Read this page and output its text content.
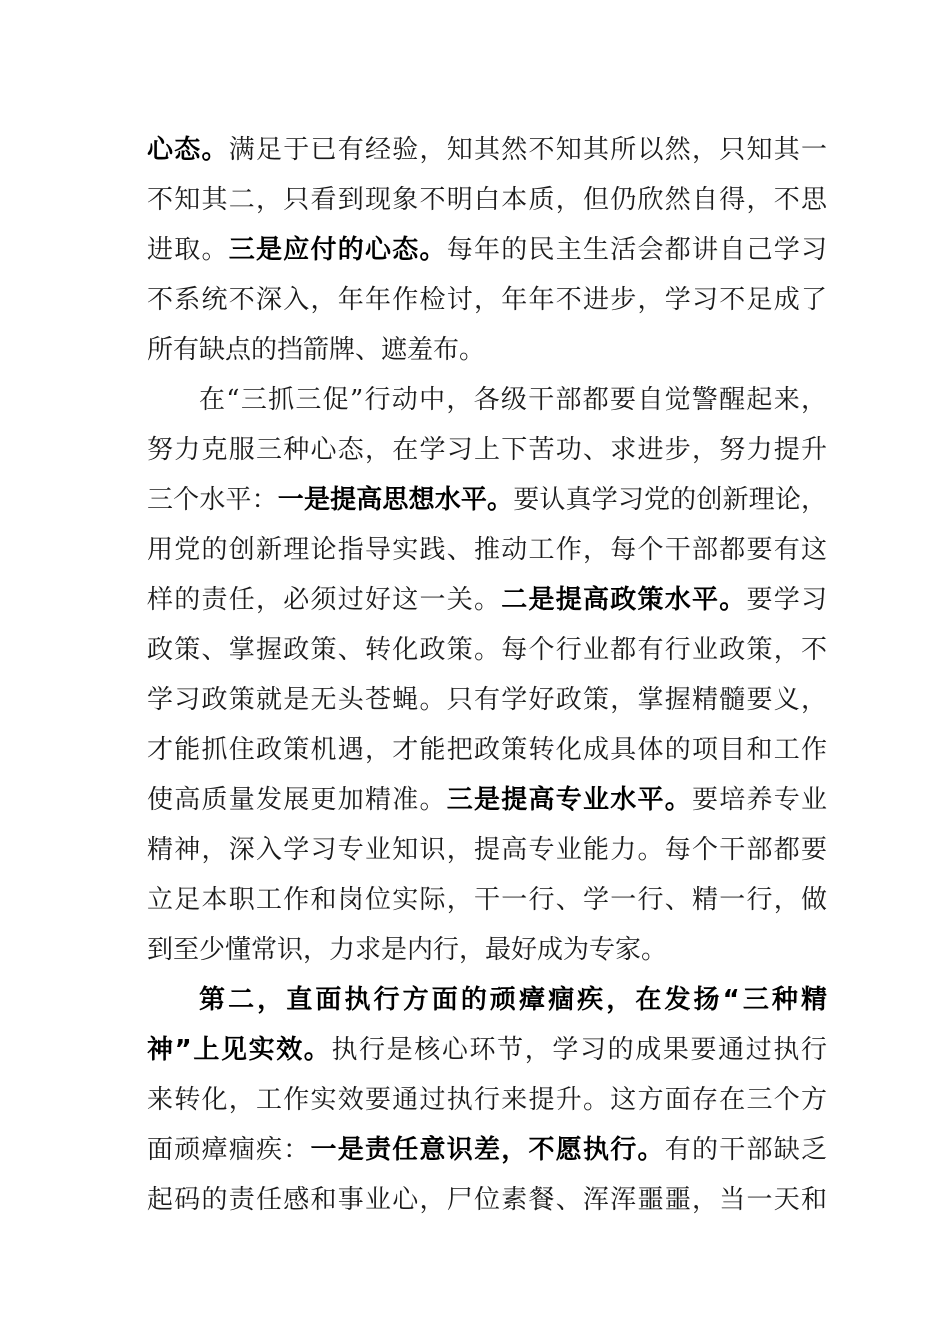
心态。满足于已有经验，知其然不知其所以然，只知其一
不知其二，只看到现象不明白本质，但仍欣然自得，不思
进取。三是应付的心态。每年的民主生活会都讲自己学习
不系统不深入，年年作检讨，年年不进步，学习不足成了
所有缺点的挡箭牌、遮羞布。
在“三抓三促”行动中，各级干部都要自觉警醒起来，
努力克服三种心态，在学习上下苦功、求进步，努力提升
三个水平：一是提高思想水平。要认真学习党的创新理论，
用党的创新理论指导实践、推动工作，每个干部都要有这
样的责任，必须过好这一关。二是提高政策水平。要学习
政策、掌握政策、转化政策。每个行业都有行业政策，不
学习政策就是无头苍蝇。只有学好政策，掌握精髓要义，
才能抓住政策机遇，才能把政策转化成具体的项目和工作
使高质量发展更加精准。三是提高专业水平。要培养专业
精神，深入学习专业知识，提高专业能力。每个干部都要
立足本职工作和岗位实际，干一行、学一行、精一行，做
到至少懂常识，力求是内行，最好成为专家。
第二，直面执行方面的顽瘴痼疾，在发扬“三种精
神”上见实效。执行是核心环节，学习的成果要通过执行
来转化，工作实效要通过执行来提升。这方面存在三个方
面顽瘴痼疾：一是责任意识差，不愿执行。有的干部缺乏
起码的责任感和事业心，尸位素餐、浑浑噩噩，当一天和
